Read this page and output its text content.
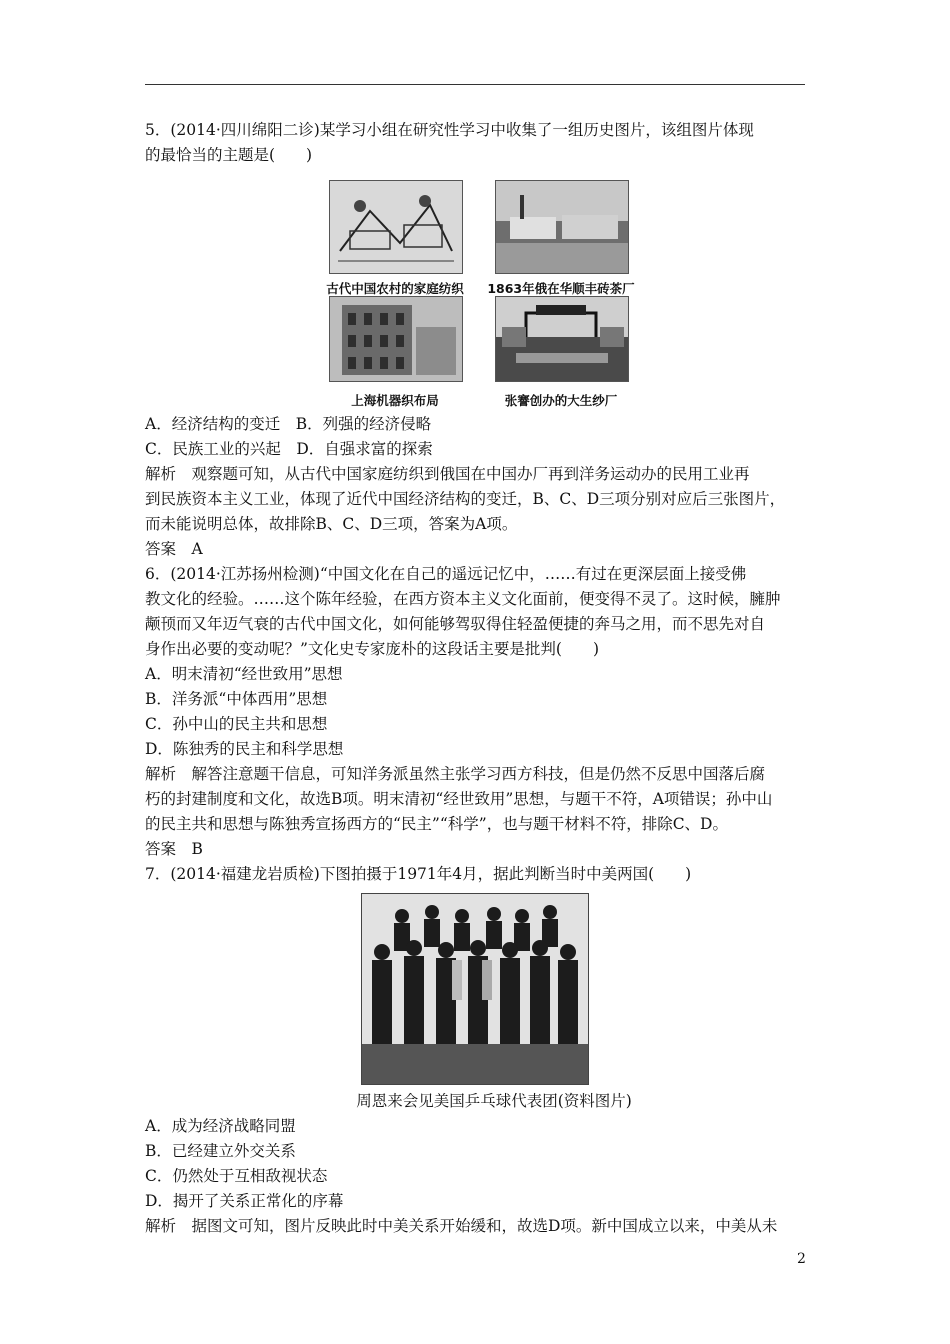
5．(2014·四川绵阳二诊)某学习小组在研究性学习中收集了一组历史图片，该组图片体现
的最恰当的主题是(　　)
古代中国农村的家庭纺织	1863年俄在华顺丰砖茶厂
上海机器织布局	张謇创办的大生纱厂
A．经济结构的变迁　B．列强的经济侵略
C．民族工业的兴起　D．自强求富的探索
解析　观察题可知，从古代中国家庭纺织到俄国在中国办厂再到洋务运动办的民用工业再
到民族资本主义工业，体现了近代中国经济结构的变迁，B、C、D三项分别对应后三张图片，
而未能说明总体，故排除B、C、D三项，答案为A项。
答案　A
6．(2014·江苏扬州检测)“中国文化在自己的遥远记忆中，……有过在更深层面上接受佛
教文化的经验。……这个陈年经验，在西方资本主义文化面前，便变得不灵了。这时候，臃肿
颟顸而又年迈气衰的古代中国文化，如何能够驾驭得住轻盈便捷的奔马之用，而不思先对自
身作出必要的变动呢？”文化史专家庞朴的这段话主要是批判(　　)
A．明末清初“经世致用”思想
B．洋务派“中体西用”思想
C．孙中山的民主共和思想
D．陈独秀的民主和科学思想
解析　解答注意题干信息，可知洋务派虽然主张学习西方科技，但是仍然不反思中国落后腐
朽的封建制度和文化，故选B项。明末清初“经世致用”思想，与题干不符，A项错误；孙中山
的民主共和思想与陈独秀宣扬西方的“民主”“科学”，也与题干材料不符，排除C、D。
答案　B
7．(2014·福建龙岩质检)下图拍摄于1971年4月，据此判断当时中美两国(　　)
周恩来会见美国乒乓球代表团(资料图片)
A．成为经济战略同盟
B．已经建立外交关系
C．仍然处于互相敌视状态
D．揭开了关系正常化的序幕
解析　据图文可知，图片反映此时中美关系开始缓和，故选D项。新中国成立以来，中美从未
2
